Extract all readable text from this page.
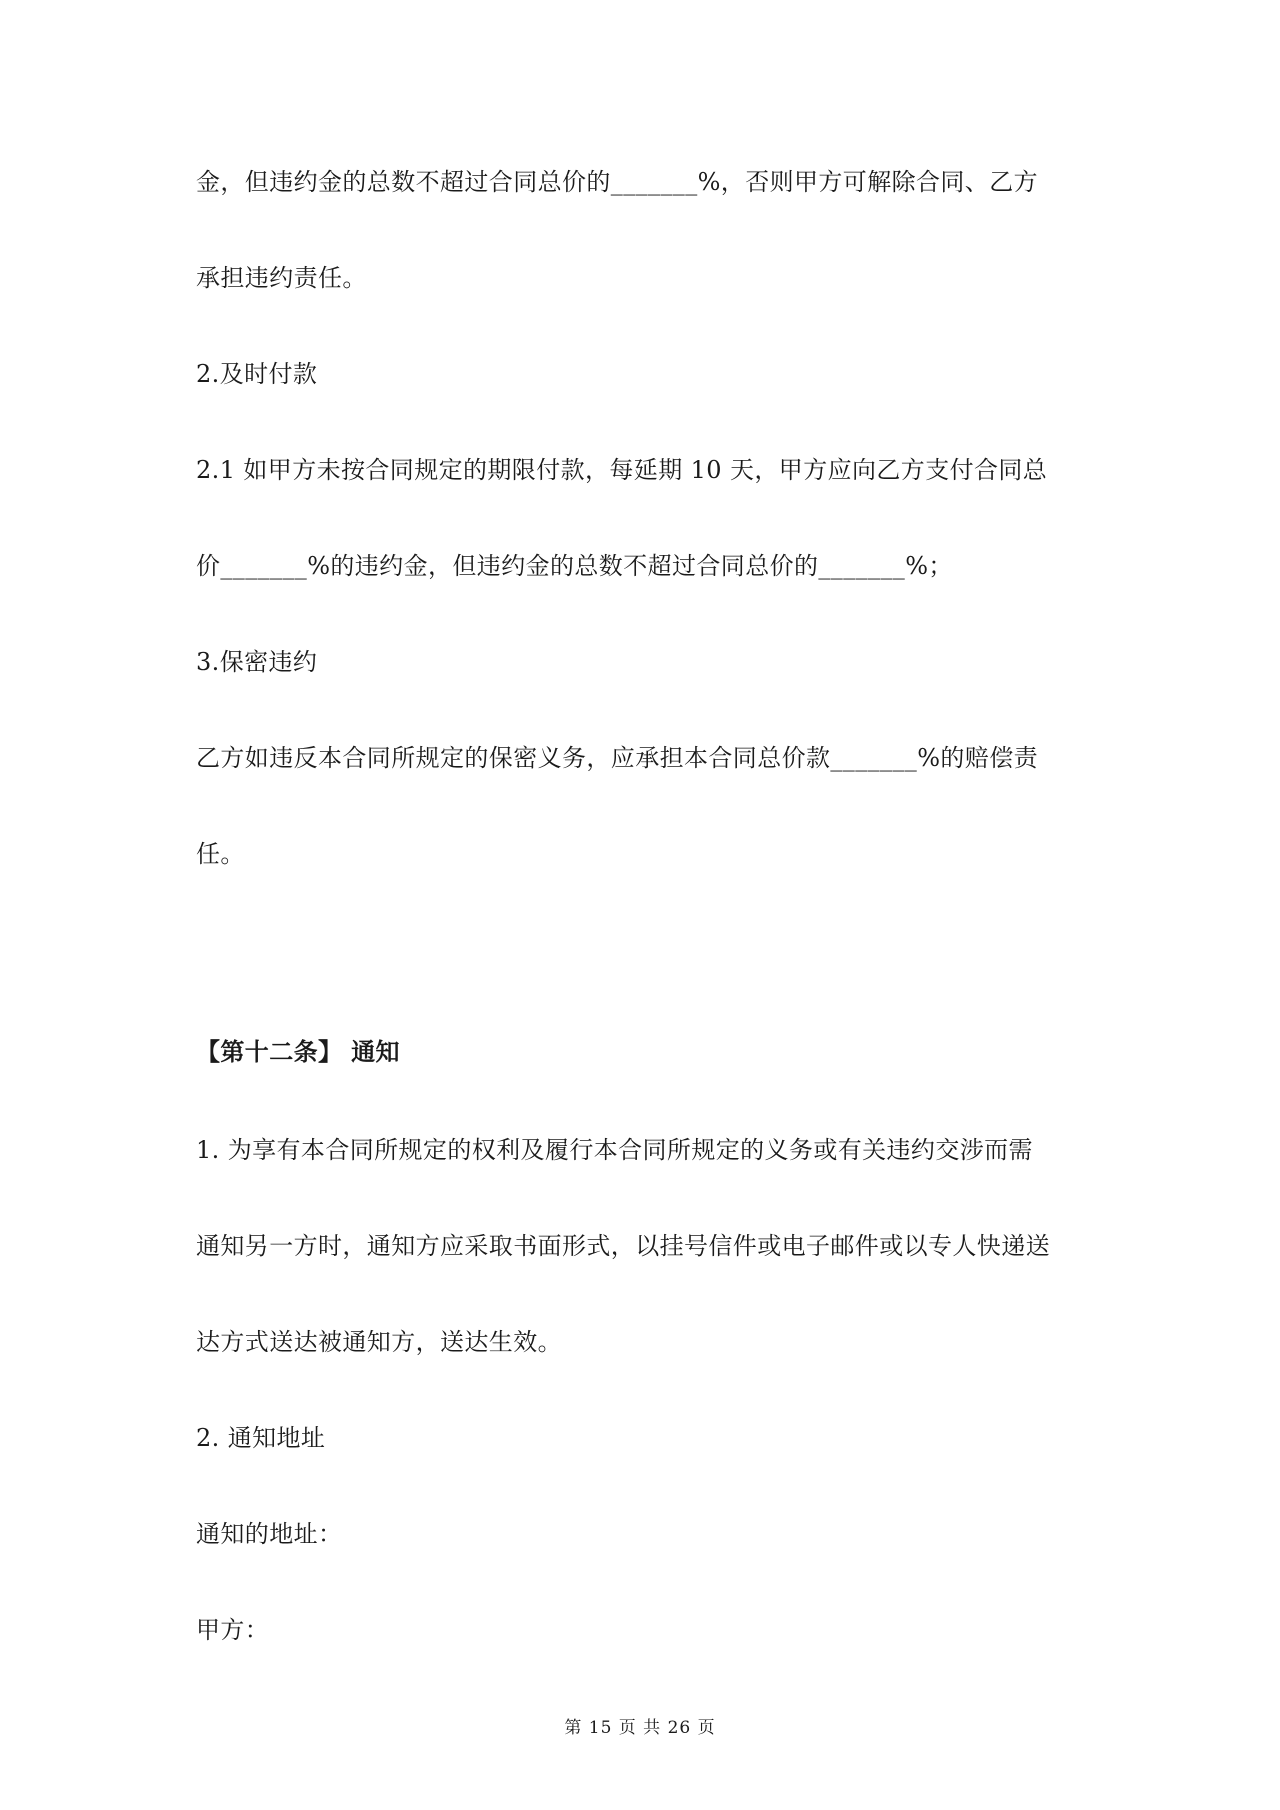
金，但违约金的总数不超过合同总价的_______%，否则甲方可解除合同、乙方
承担违约责任。
2.及时付款
2.1 如甲方未按合同规定的期限付款，每延期 10 天，甲方应向乙方支付合同总
价_______%的违约金，但违约金的总数不超过合同总价的_______%；
3.保密违约
乙方如违反本合同所规定的保密义务，应承担本合同总价款_______%的赔偿责
任。
【第十二条】 通知
1. 为享有本合同所规定的权利及履行本合同所规定的义务或有关违约交涉而需
通知另一方时，通知方应采取书面形式，以挂号信件或电子邮件或以专人快递送
达方式送达被通知方，送达生效。
2. 通知地址
通知的地址：
甲方：
第 15 页 共 26 页
